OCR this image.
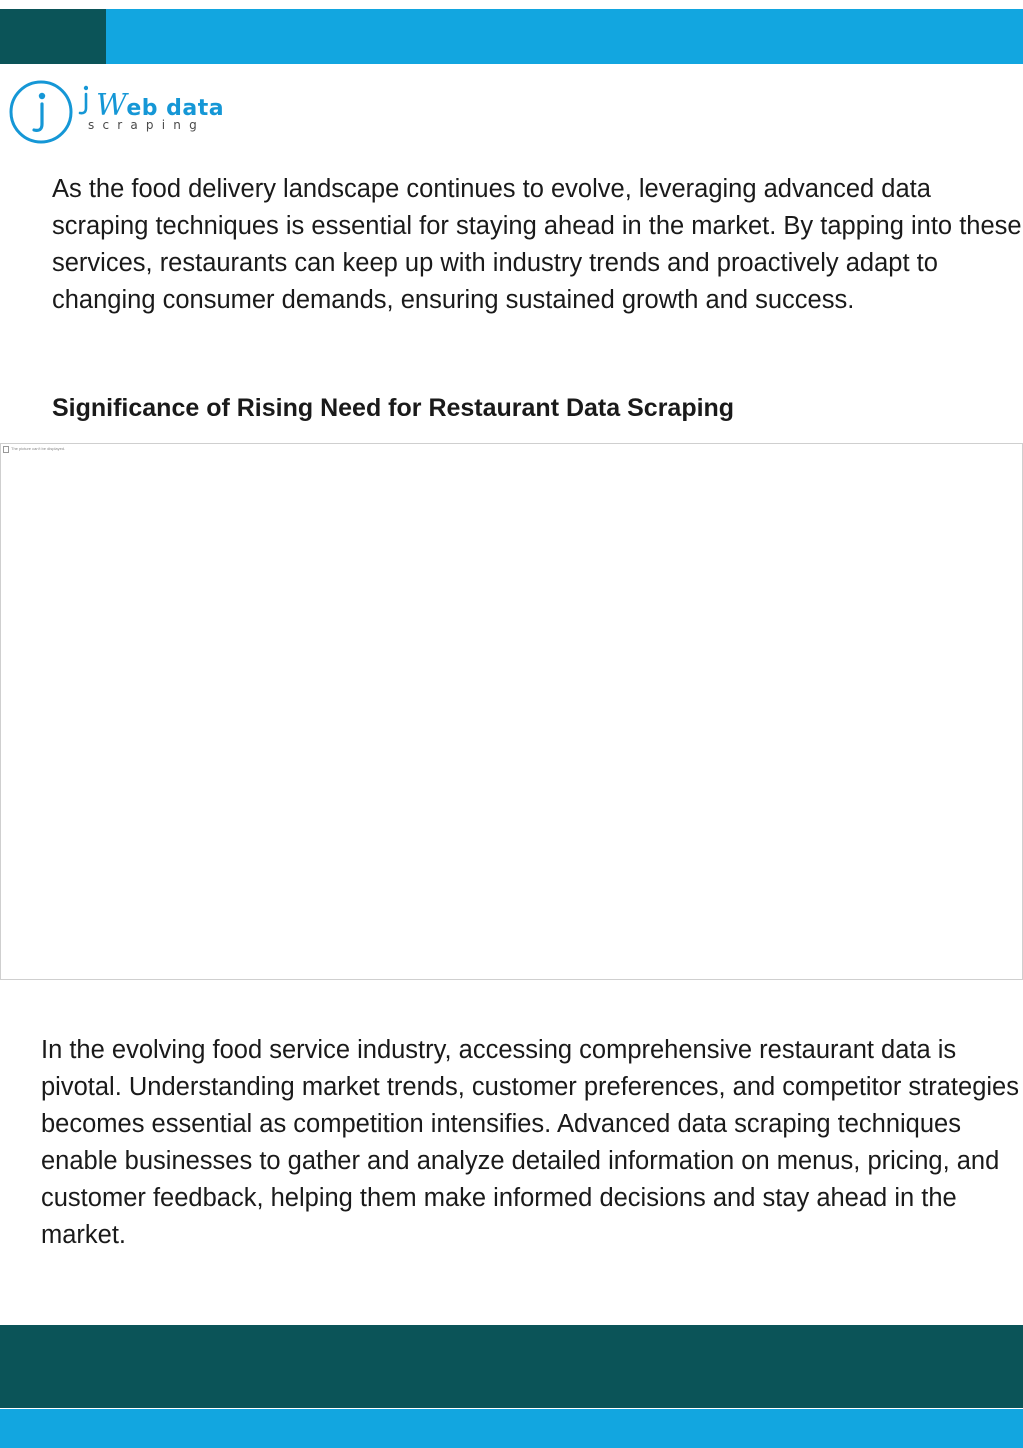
Web data
scraping

As the food delivery landscape continues to evolve, leveraging advanced data scraping techniques is essential for staying ahead in the market. By tapping into these services, restaurants can keep up with industry trends and proactively adapt to changing consumer demands, ensuring sustained growth and success.

Significance of Rising Need for Restaurant Data Scraping
The picture can't be displayed.

In the evolving food service industry, accessing comprehensive restaurant data is pivotal. Understanding market trends, customer preferences, and competitor strategies becomes essential as competition intensifies. Advanced data scraping techniques enable businesses to gather and analyze detailed information on menus, pricing, and customer feedback, helping them make informed decisions and stay ahead in the market.
